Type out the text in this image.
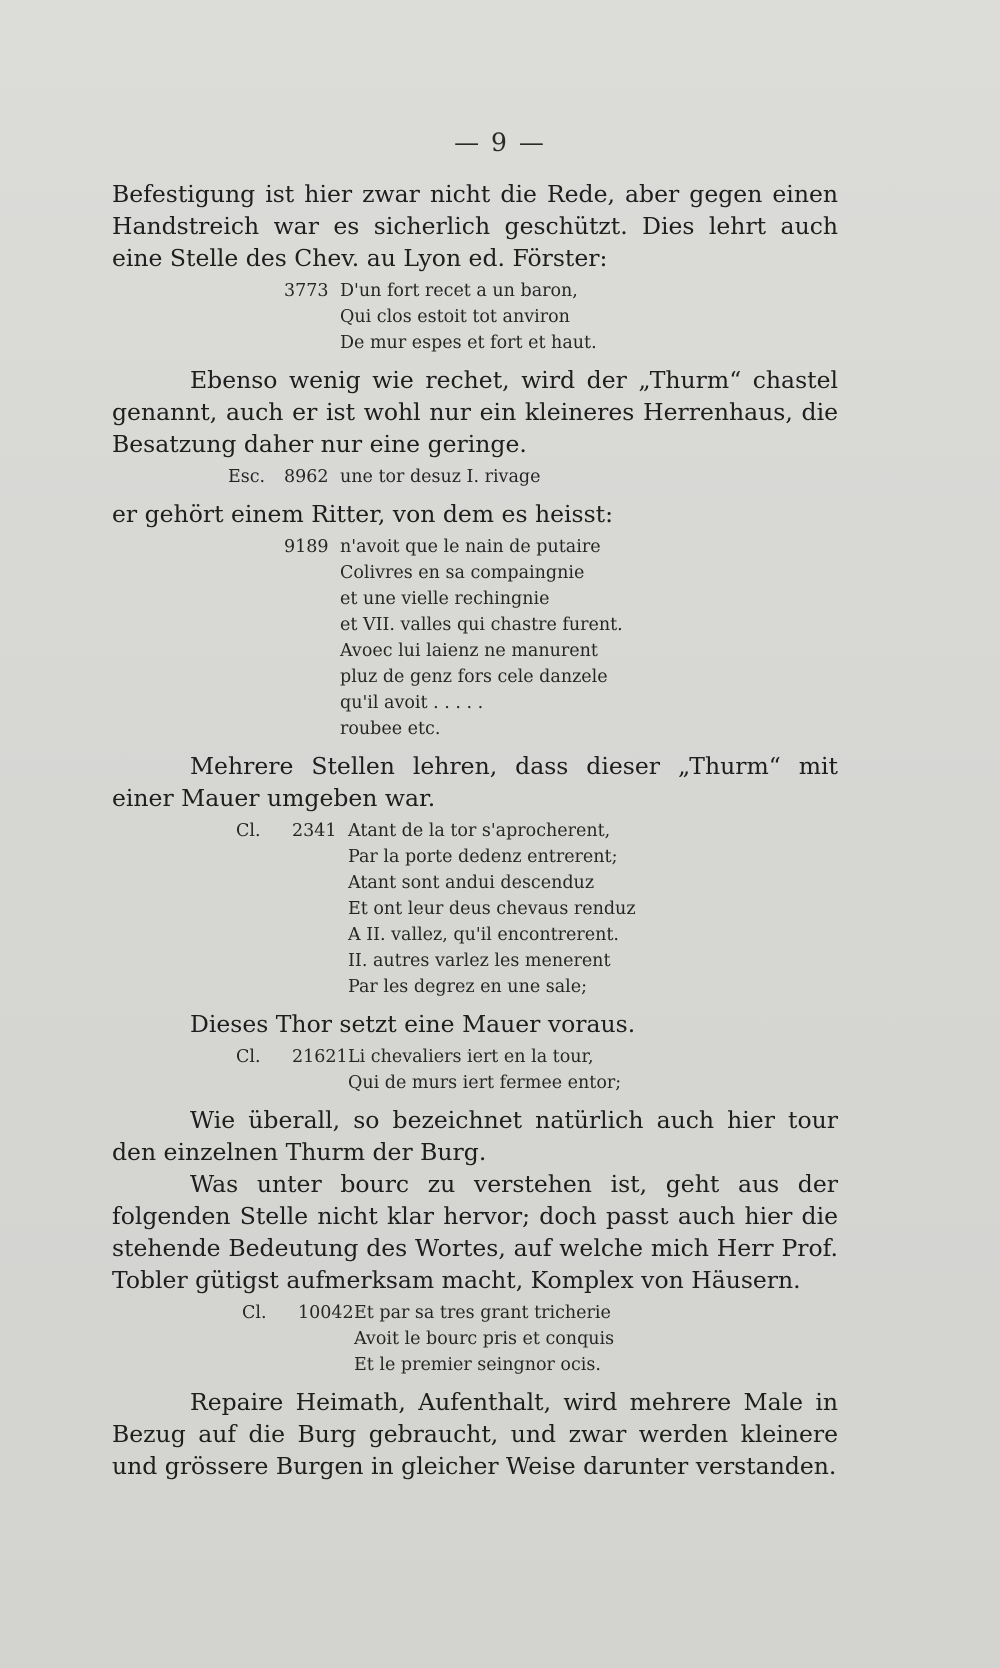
— 9 —

Befestigung ist hier zwar nicht die Rede, aber gegen einen Handstreich war es sicherlich geschützt. Dies lehrt auch eine Stelle des Chev. au Lyon ed. Förster:

3773 D'un fort recet a un baron,
Qui clos estoit tot anviron
De mur espes et fort et haut.

Ebenso wenig wie rechet, wird der „Thurm“ chastel genannt, auch er ist wohl nur ein kleineres Herrenhaus, die Besatzung daher nur eine geringe.

Esc.	8962 une tor desuz I. rivage

er gehört einem Ritter, von dem es heisst:

9189 n'avoit que le nain de putaire
Colivres en sa compaingnie
et une vielle rechingnie
et VII. valles qui chastre furent.
Avoec lui laienz ne manurent
pluz de genz fors cele danzele
qu'il avoit . . . . .
roubee etc.

Mehrere Stellen lehren, dass dieser „Thurm“ mit einer Mauer umgeben war.

Cl.	2341 Atant de la tor s'aprocherent,
Par la porte dedenz entrerent;
Atant sont andui descenduz
Et ont leur deus chevaus renduz
A II. vallez, qu'il encontrerent.
II. autres varlez les menerent
Par les degrez en une sale;

Dieses Thor setzt eine Mauer voraus.

Cl.	21621 Li chevaliers iert en la tour,
Qui de murs iert fermee entor;

Wie überall, so bezeichnet natürlich auch hier tour den einzelnen Thurm der Burg.

Was unter bourc zu verstehen ist, geht aus der folgenden Stelle nicht klar hervor; doch passt auch hier die stehende Bedeutung des Wortes, auf welche mich Herr Prof. Tobler gütigst aufmerksam macht, Komplex von Häusern.

Cl.	10042 Et par sa tres grant tricherie
Avoit le bourc pris et conquis
Et le premier seingnor ocis.

Repaire Heimath, Aufenthalt, wird mehrere Male in Bezug auf die Burg gebraucht, und zwar werden kleinere und grössere Burgen in gleicher Weise darunter verstanden.
